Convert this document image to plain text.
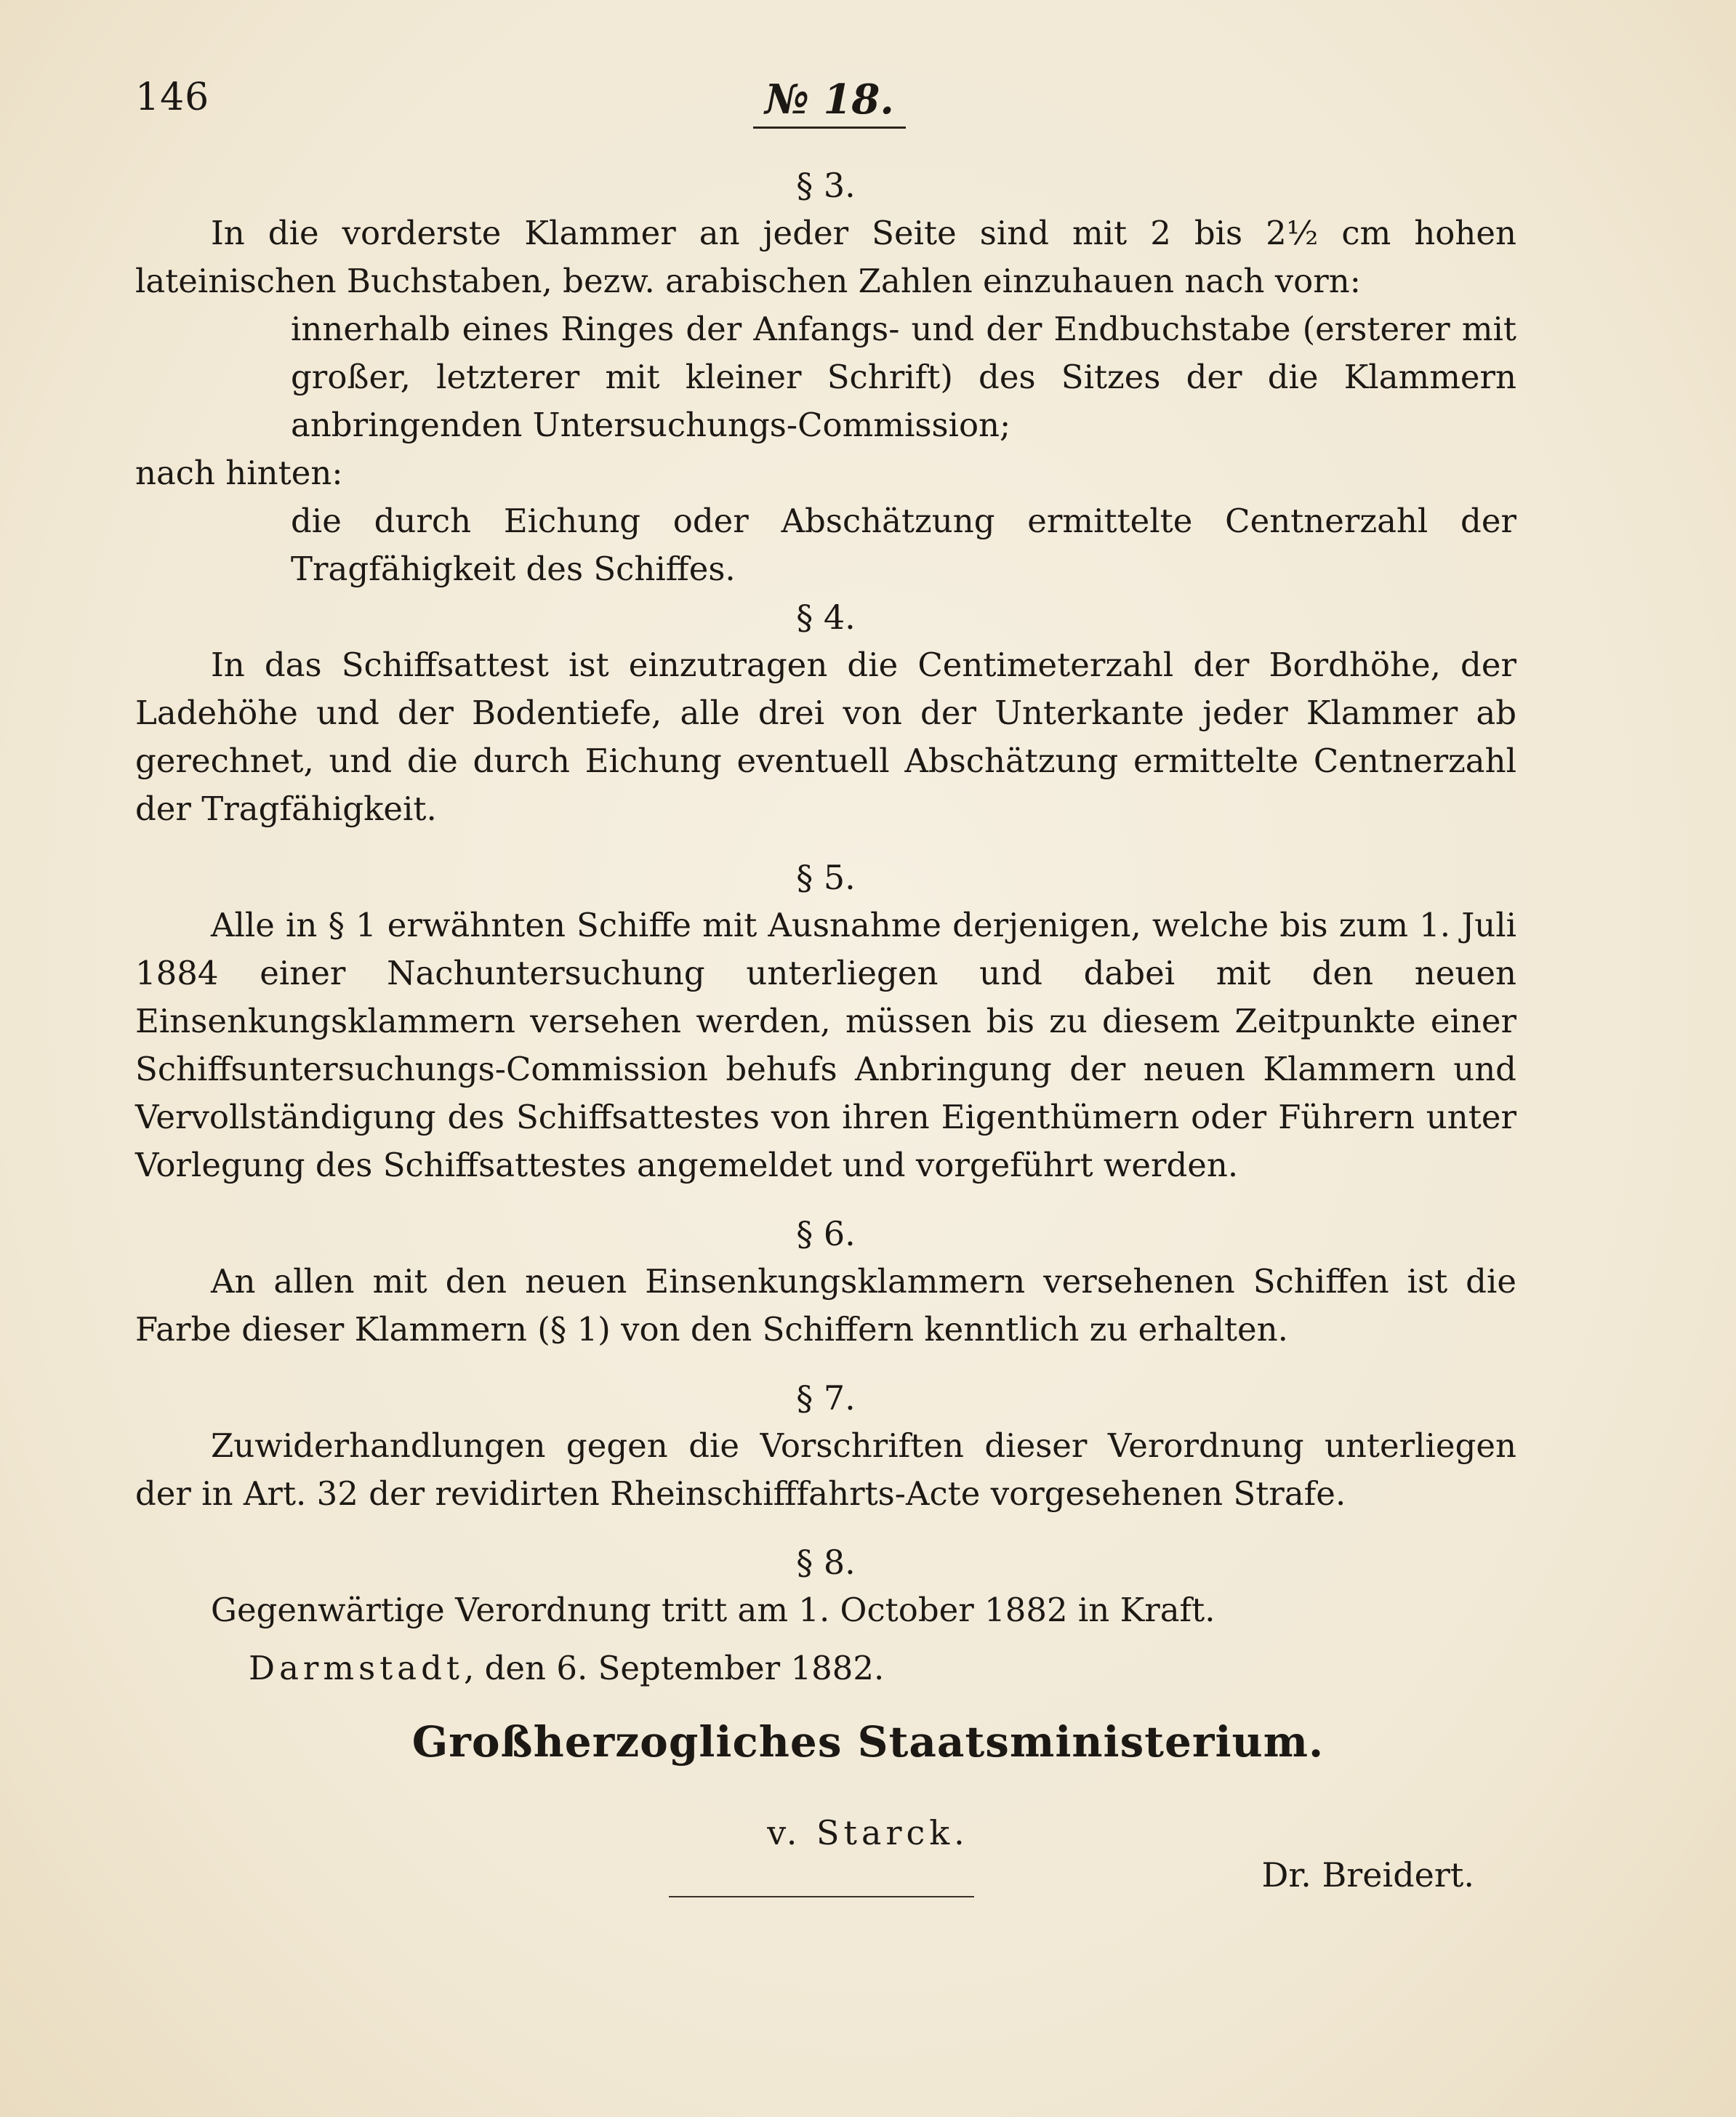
146	№ 18.
§ 3.

In die vorderste Klammer an jeder Seite sind mit 2 bis 2½ cm hohen lateinischen Buchstaben, bezw. arabischen Zahlen einzuhauen nach vorn:

innerhalb eines Ringes der Anfangs- und der Endbuchstabe (ersterer mit großer, letzterer mit kleiner Schrift) des Sitzes der die Klammern anbringenden Untersuchungs-Commission;

nach hinten:

die durch Eichung oder Abschätzung ermittelte Centnerzahl der Tragfähigkeit des Schiffes.

§ 4.

In das Schiffsattest ist einzutragen die Centimeterzahl der Bordhöhe, der Ladehöhe und der Bodentiefe, alle drei von der Unterkante jeder Klammer ab gerechnet, und die durch Eichung eventuell Abschätzung ermittelte Centnerzahl der Tragfähigkeit.

§ 5.

Alle in § 1 erwähnten Schiffe mit Ausnahme derjenigen, welche bis zum 1. Juli 1884 einer Nachuntersuchung unterliegen und dabei mit den neuen Einsenkungsklammern versehen werden, müssen bis zu diesem Zeitpunkte einer Schiffsuntersuchungs-Commission behufs Anbringung der neuen Klammern und Vervollständigung des Schiffsattestes von ihren Eigenthümern oder Führern unter Vorlegung des Schiffsattestes angemeldet und vorgeführt werden.

§ 6.

An allen mit den neuen Einsenkungsklammern versehenen Schiffen ist die Farbe dieser Klammern (§ 1) von den Schiffern kenntlich zu erhalten.

§ 7.

Zuwiderhandlungen gegen die Vorschriften dieser Verordnung unterliegen der in Art. 32 der revidirten Rheinschifffahrts-Acte vorgesehenen Strafe.

§ 8.

Gegenwärtige Verordnung tritt am 1. October 1882 in Kraft.

Darmstadt, den 6. September 1882.

Großherzogliches Staatsministerium.
v. Starck.
Dr. Breidert.
